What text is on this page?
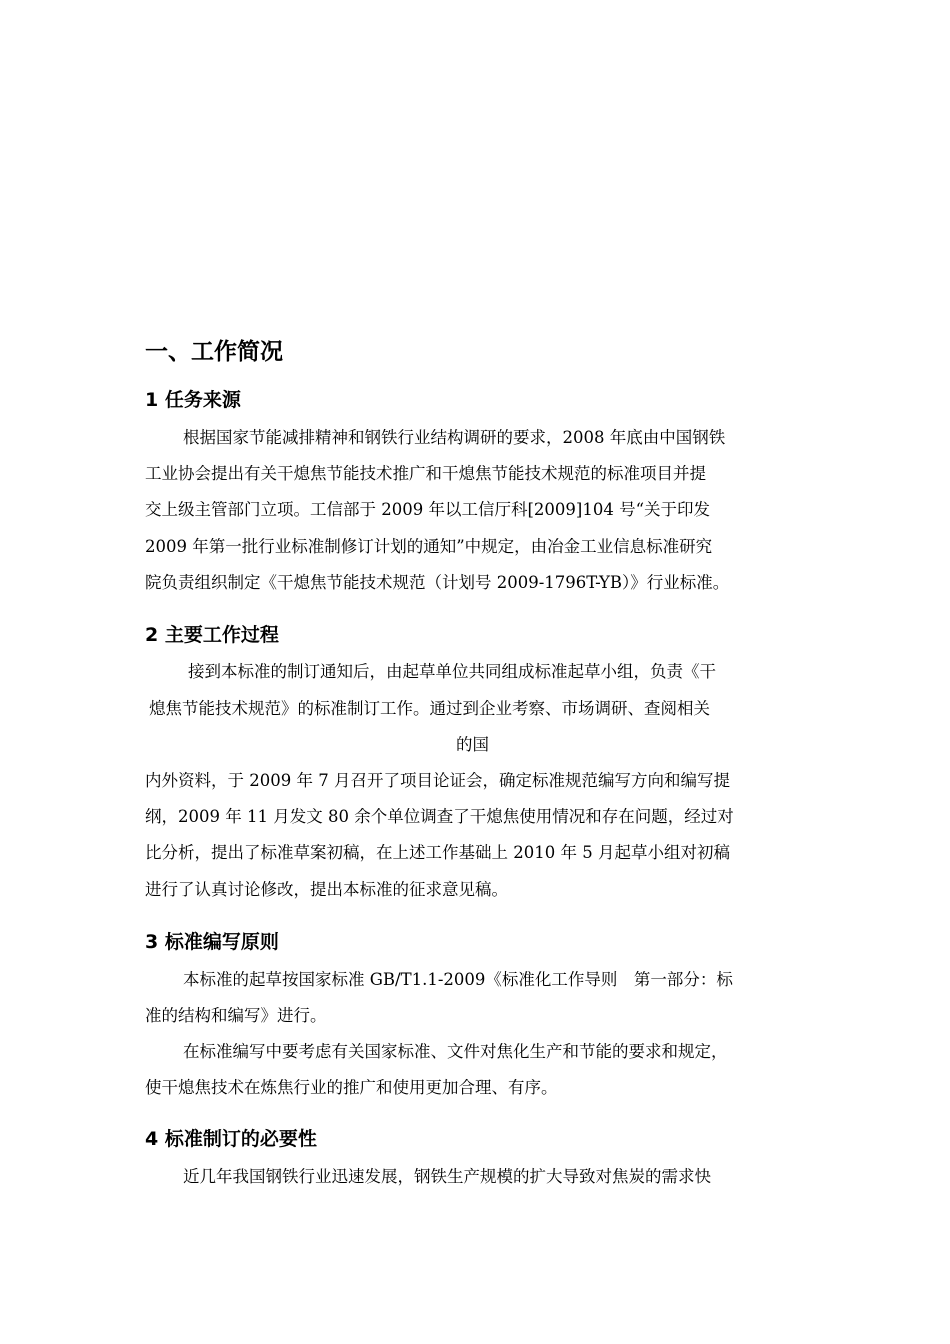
一、工作简况
1 任务来源
根据国家节能减排精神和钢铁行业结构调研的要求，2008 年底由中国钢铁
工业协会提出有关干熄焦节能技术推广和干熄焦节能技术规范的标准项目并提
交上级主管部门立项。工信部于 2009 年以工信厅科[2009]104 号“关于印发
2009 年第一批行业标准制修订计划的通知”中规定，由冶金工业信息标准研究
院负责组织制定《干熄焦节能技术规范（计划号 2009-1796T-YB）》行业标准。
2 主要工作过程
接到本标准的制订通知后，由起草单位共同组成标准起草小组，负责《干
熄焦节能技术规范》的标准制订工作。通过到企业考察、市场调研、查阅相关
的国
内外资料，于 2009 年 7 月召开了项目论证会，确定标准规范编写方向和编写提
纲，2009 年 11 月发文 80 余个单位调查了干熄焦使用情况和存在问题，经过对
比分析，提出了标准草案初稿，在上述工作基础上 2010 年 5 月起草小组对初稿
进行了认真讨论修改，提出本标准的征求意见稿。
3 标准编写原则
本标准的起草按国家标准 GB/T1.1-2009《标准化工作导则　第一部分：标
准的结构和编写》进行。
在标准编写中要考虑有关国家标准、文件对焦化生产和节能的要求和规定，
使干熄焦技术在炼焦行业的推广和使用更加合理、有序。
4 标准制订的必要性
近几年我国钢铁行业迅速发展，钢铁生产规模的扩大导致对焦炭的需求快
